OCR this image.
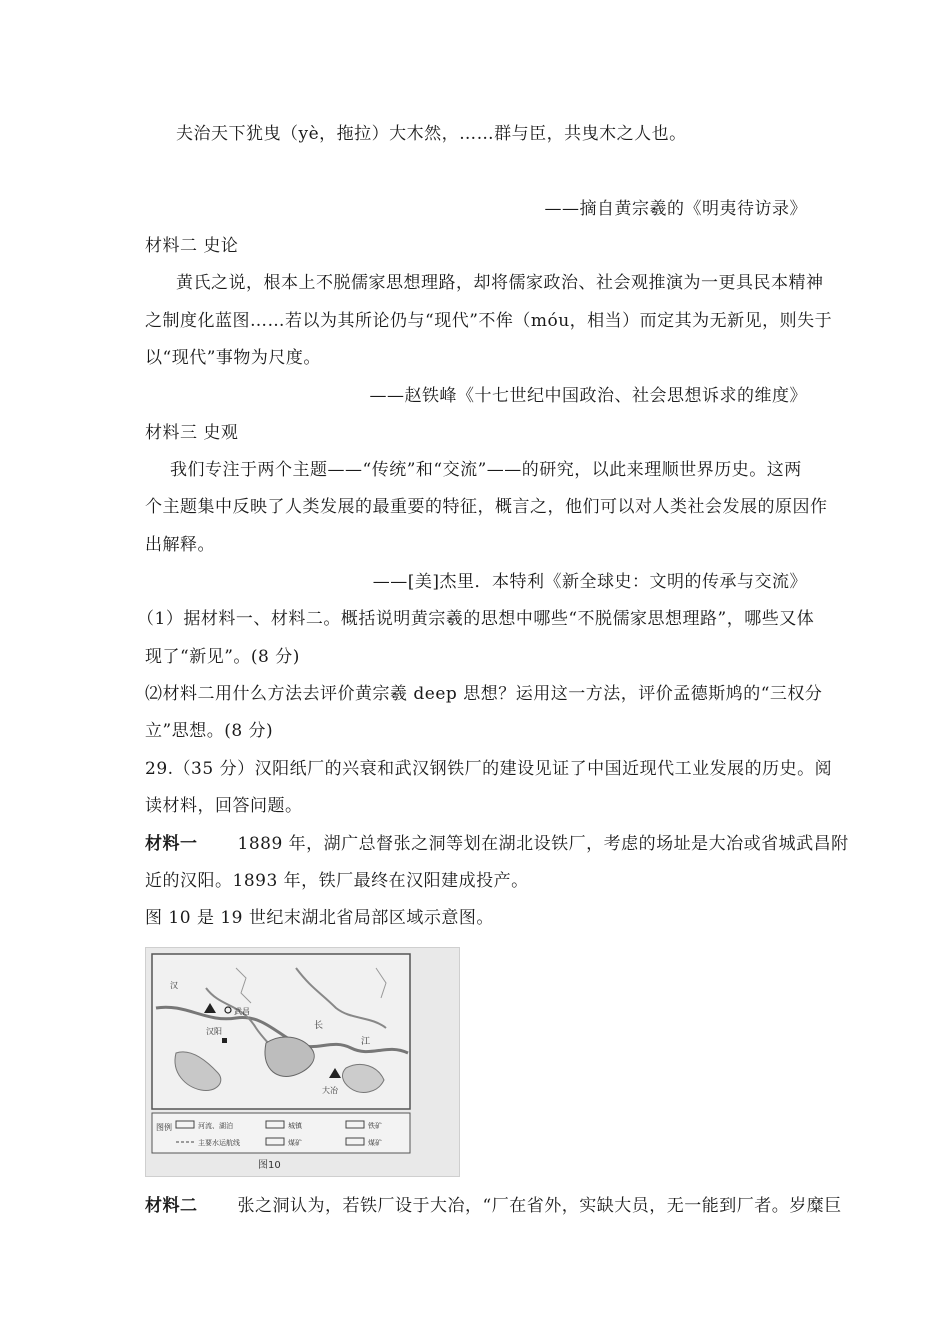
夫治天下犹曳（yè，拖拉）大木然，……群与臣，共曳木之人也。
——摘自黄宗羲的《明夷待访录》
材料二 史论
黄氏之说，根本上不脱儒家思想理路，却将儒家政治、社会观推演为一更具民本精神
之制度化蓝图……若以为其所论仍与“现代”不侔（móu，相当）而定其为无新见，则失于
以“现代”事物为尺度。
——赵铁峰《十七世纪中国政治、社会思想诉求的维度》
材料三 史观
我们专注于两个主题——“传统”和“交流”——的研究，以此来理顺世界历史。这两
个主题集中反映了人类发展的最重要的特征，概言之，他们可以对人类社会发展的原因作
出解释。
——[美]杰里．本特利《新全球史：文明的传承与交流》
（1）据材料一、材料二。概括说明黄宗羲的思想中哪些“不脱儒家思想理路”，哪些又体
现了“新见”。(8 分)
⑵材料二用什么方法去评价黄宗羲 deep 思想？运用这一方法，评价孟德斯鸠的“三权分
立”思想。(8 分)
29.（35 分）汉阳纸厂的兴衰和武汉钢铁厂的建设见证了中国近现代工业发展的历史。阅
读材料，回答问题。
材料一 1889 年，湖广总督张之洞等划在湖北设铁厂，考虑的场址是大冶或省城武昌附
近的汉阳。1893 年，铁厂最终在汉阳建成投产。
图 10 是 19 世纪末湖北省局部区域示意图。
武昌
汉阳
大冶
长
江
汉
图例	河流、湖泊
主要水运航线
城镇
煤矿
铁矿
煤矿
图10
材料二 张之洞认为，若铁厂设于大冶，“厂在省外，实缺大员，无一能到厂者。岁糜巨
